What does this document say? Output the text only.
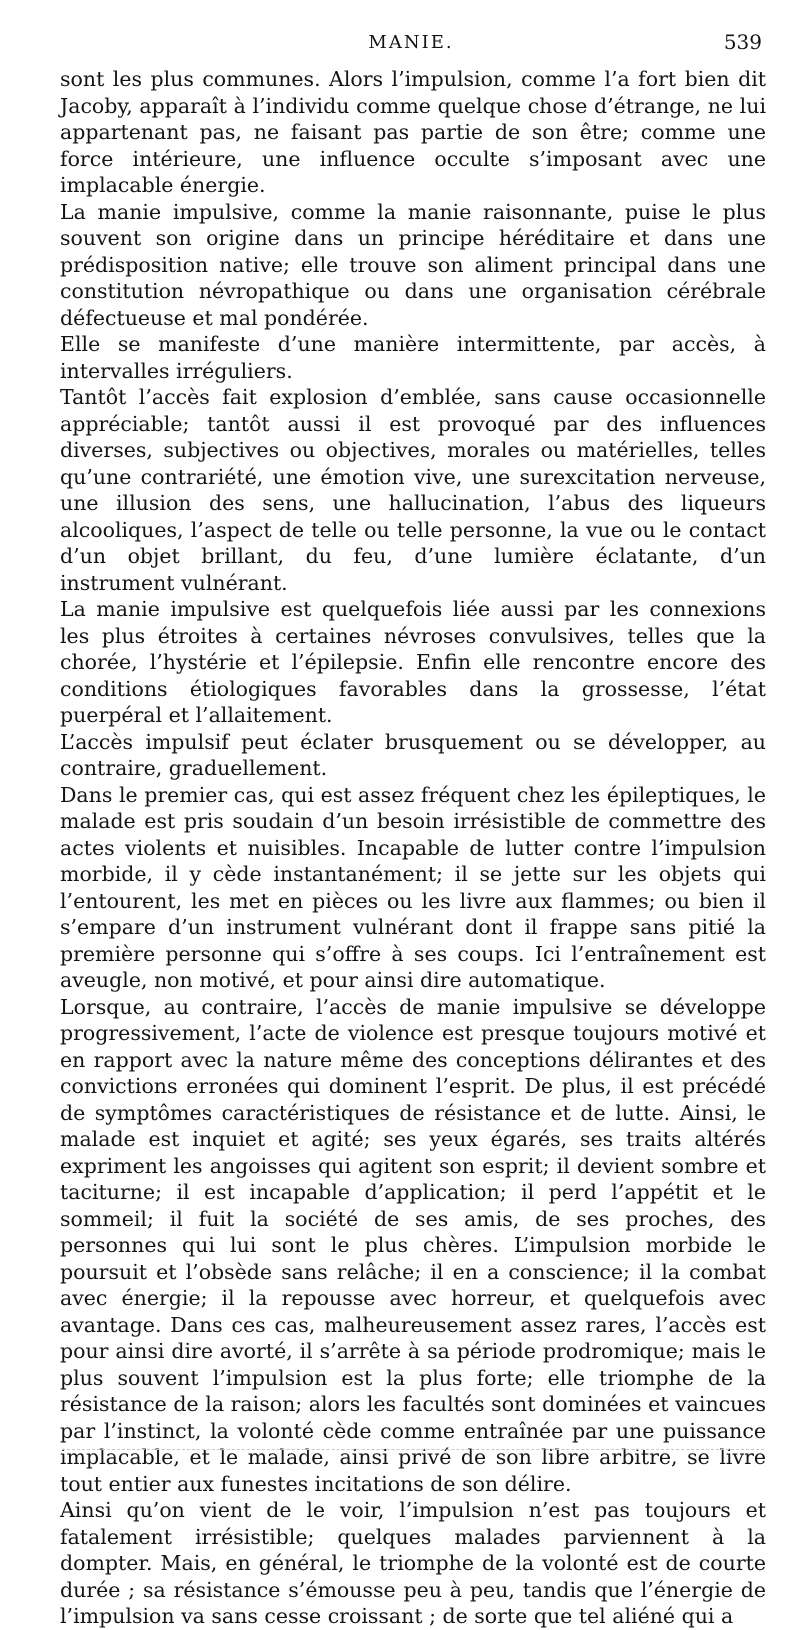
MANIE.	539

sont les plus communes. Alors l’impulsion, comme l’a fort bien dit Jacoby, apparaît à l’individu comme quelque chose d’étrange, ne lui appartenant pas, ne faisant pas partie de son être; comme une force intérieure, une influence occulte s’imposant avec une implacable énergie.

La manie impulsive, comme la manie raisonnante, puise le plus souvent son origine dans un principe héréditaire et dans une prédisposition native; elle trouve son aliment principal dans une constitution névropathique ou dans une organisation cérébrale défectueuse et mal pondérée.

Elle se manifeste d’une manière intermittente, par accès, à intervalles irréguliers.

Tantôt l’accès fait explosion d’emblée, sans cause occasionnelle appréciable; tantôt aussi il est provoqué par des influences diverses, subjectives ou objectives, morales ou matérielles, telles qu’une contrariété, une émotion vive, une surexcitation nerveuse, une illusion des sens, une hallucination, l’abus des liqueurs alcooliques, l’aspect de telle ou telle personne, la vue ou le contact d’un objet brillant, du feu, d’une lumière éclatante, d’un instrument vulnérant.

La manie impulsive est quelquefois liée aussi par les connexions les plus étroites à certaines névroses convulsives, telles que la chorée, l’hystérie et l’épilepsie. Enfin elle rencontre encore des conditions étiologiques favorables dans la grossesse, l’état puerpéral et l’allaitement.

L’accès impulsif peut éclater brusquement ou se développer, au contraire, graduellement.

Dans le premier cas, qui est assez fréquent chez les épileptiques, le malade est pris soudain d’un besoin irrésistible de commettre des actes violents et nuisibles. Incapable de lutter contre l’impulsion morbide, il y cède instantanément; il se jette sur les objets qui l’entourent, les met en pièces ou les livre aux flammes; ou bien il s’empare d’un instrument vulnérant dont il frappe sans pitié la première personne qui s’offre à ses coups. Ici l’entraînement est aveugle, non motivé, et pour ainsi dire automatique.

Lorsque, au contraire, l’accès de manie impulsive se développe progressivement, l’acte de violence est presque toujours motivé et en rapport avec la nature même des conceptions délirantes et des convictions erronées qui dominent l’esprit. De plus, il est précédé de symptômes caractéristiques de résistance et de lutte. Ainsi, le malade est inquiet et agité; ses yeux égarés, ses traits altérés expriment les angoisses qui agitent son esprit; il devient sombre et taciturne; il est incapable d’application; il perd l’appétit et le sommeil; il fuit la société de ses amis, de ses proches, des personnes qui lui sont le plus chères. L’impulsion morbide le poursuit et l’obsède sans relâche; il en a conscience; il la combat avec énergie; il la repousse avec horreur, et quelquefois avec avantage. Dans ces cas, malheureusement assez rares, l’accès est pour ainsi dire avorté, il s’arrête à sa période prodromique; mais le plus souvent l’impulsion est la plus forte; elle triomphe de la résistance de la raison; alors les facultés sont dominées et vaincues par l’instinct, la volonté cède comme entraînée par une puissance implacable, et le malade, ainsi privé de son libre arbitre, se livre tout entier aux funestes incitations de son délire.

Ainsi qu’on vient de le voir, l’impulsion n’est pas toujours et fatalement irrésistible; quelques malades parviennent à la dompter. Mais, en général, le triomphe de la volonté est de courte durée ; sa résistance s’émousse peu à peu, tandis que l’énergie de l’impulsion va sans cesse croissant ; de sorte que tel aliéné qui a
